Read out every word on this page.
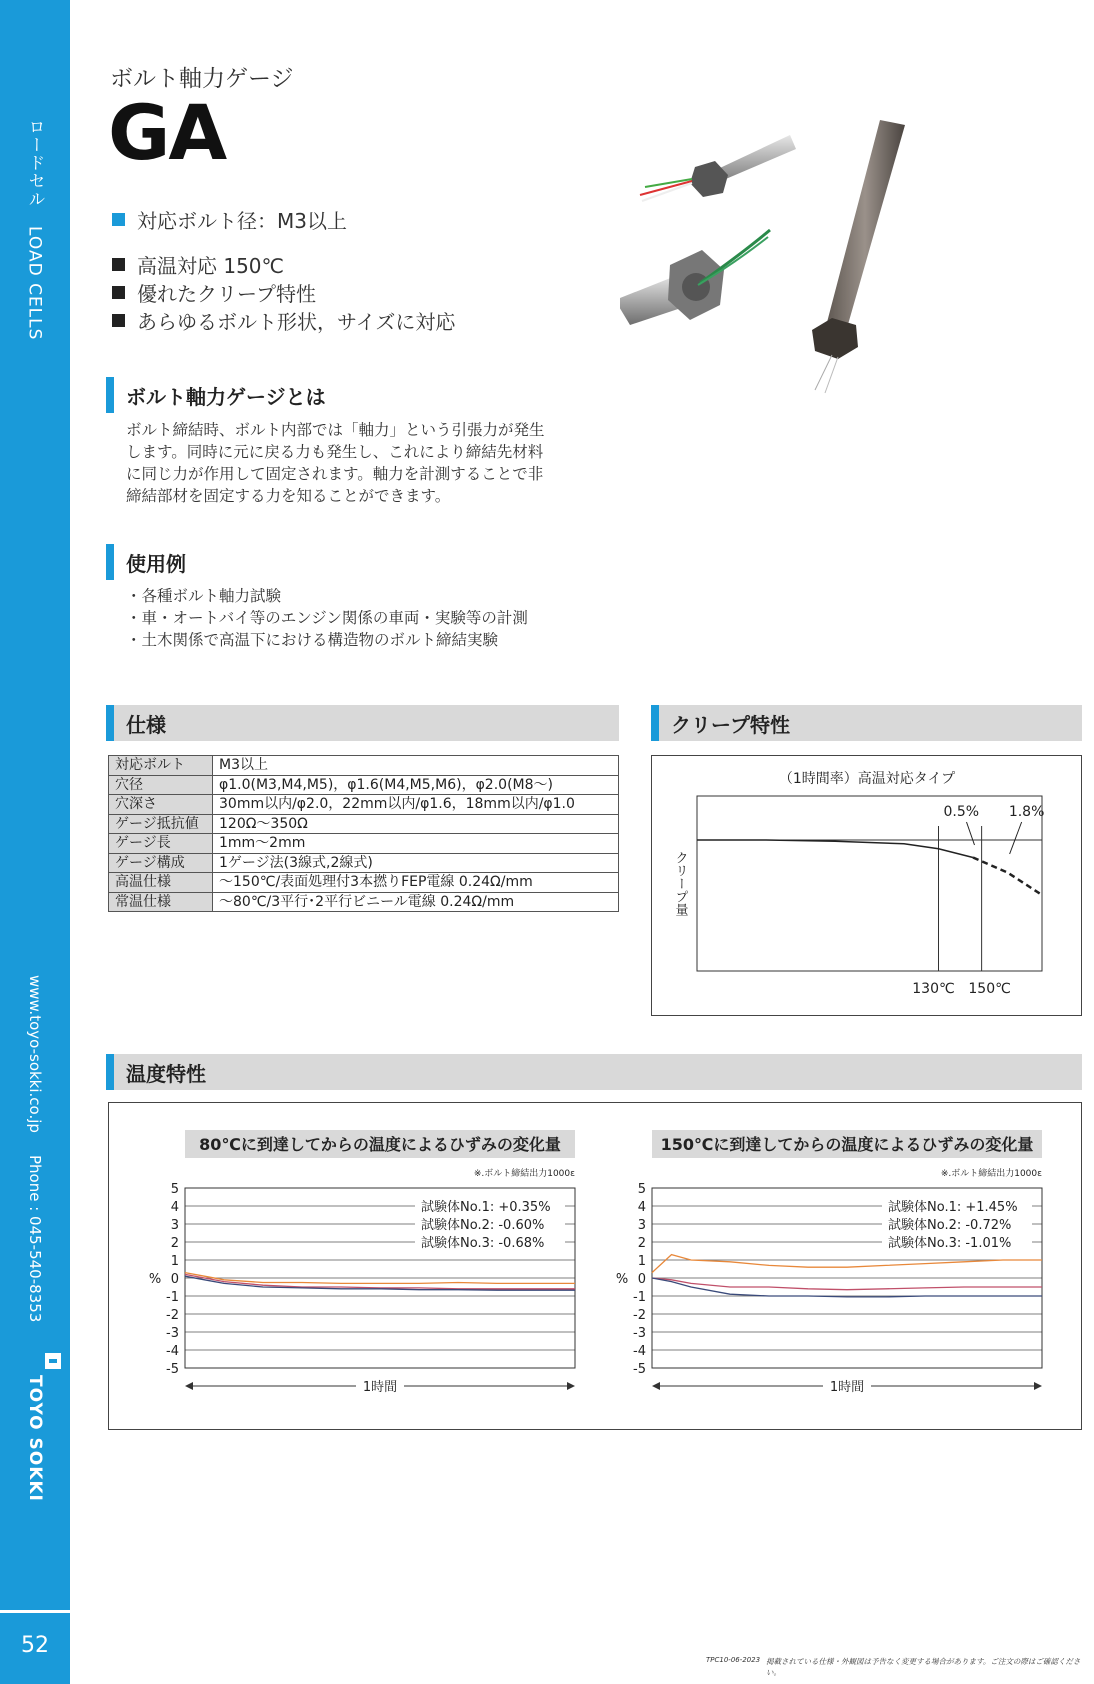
ロードセル　LOAD CELLS
www.toyo-sokki.co.jp
Phone : 045-540-8353
TOYO SOKKI
52
ボルト軸力ゲージ
GA
対応ボルト径：M3以上
高温対応 150℃
優れたクリープ特性
あらゆるボルト形状，サイズに対応
ボルト軸力ゲージとは
ボルト締結時、ボルト内部では「軸力」という引張力が発生
します。同時に元に戻る力も発生し、これにより締結先材料
に同じ力が作用して固定されます。軸力を計測することで非
締結部材を固定する力を知ることができます。
使用例
・各種ボルト軸力試験
・車・オートバイ等のエンジン関係の車両・実験等の計測
・土木関係で高温下における構造物のボルト締結実験
仕様
対応ボルト	M3以上
穴径	φ1.0(M3,M4,M5)，φ1.6(M4,M5,M6)，φ2.0(M8～)
穴深さ	30mm以内/φ2.0，22mm以内/φ1.6，18mm以内/φ1.0
ゲージ抵抗値	120Ω～350Ω
ゲージ長	1mm～2mm
ゲージ構成	1ゲージ法(3線式,2線式)
高温仕様	～150℃/表面処理付3本撚りFEP電線 0.24Ω/mm
常温仕様	～80℃/3平行･2平行ビニール電線 0.24Ω/mm
クリープ特性
（1時間率）高温対応タイプ
クリープ量
0.5% 1.8%
130℃ 150℃
温度特性
80℃に到達してからの温度によるひずみの変化量
※.ボルト締結出力1000ε
5
4
3
2
1
0
-1
-2
-3
-4
-5
%
試験体No.1: +0.35%
試験体No.2: -0.60%
試験体No.3: -0.68%
1時間
150℃に到達してからの温度によるひずみの変化量
※.ボルト締結出力1000ε
5
4
3
2
1
0
-1
-2
-3
-4
-5
%
試験体No.1: +1.45%
試験体No.2: -0.72%
試験体No.3: -1.01%
1時間
TPC10-06-2023 掲載されている仕様・外観図は予告なく変更する場合があります。ご注文の際はご確認ください。
